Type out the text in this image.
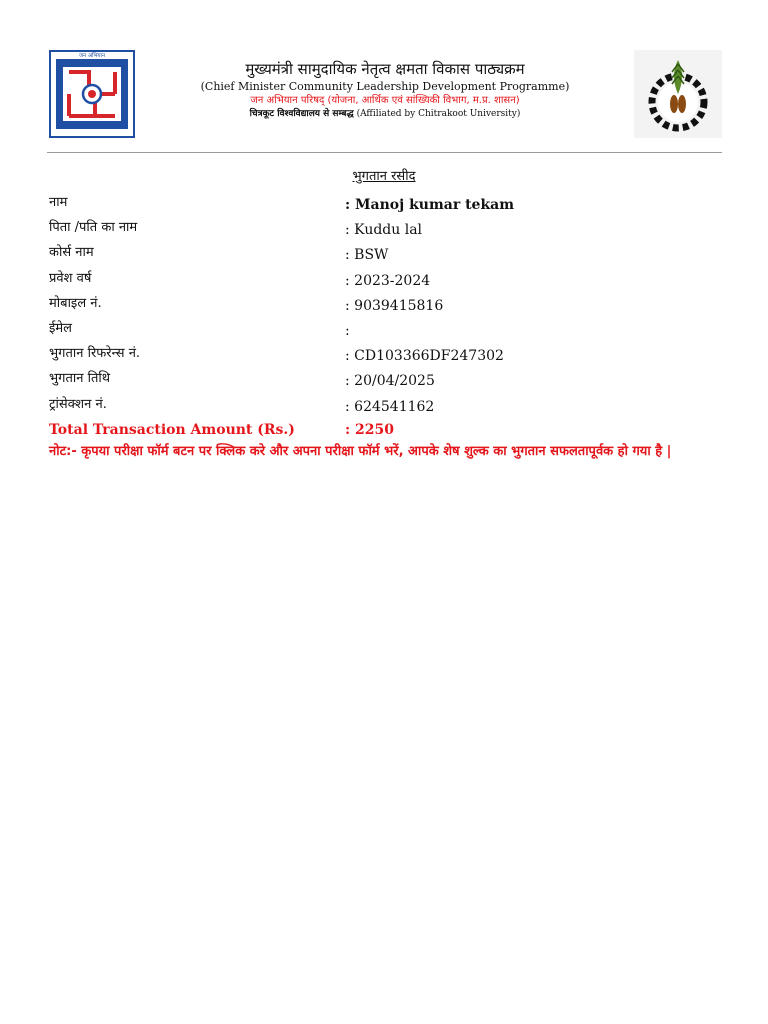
जन अभियान
मुख्यमंत्री सामुदायिक नेतृत्व क्षमता विकास पाठ्यक्रम
(Chief Minister Community Leadership Development Programme)
जन अभियान परिषद् (योजना, आर्थिक एवं सांख्यिकी विभाग, म.प्र. शासन)
चित्रकूट विश्वविद्यालय से सम्बद्ध (Affiliated by Chitrakoot University)
भुगतान रसीद
नाम	: Manoj kumar tekam
पिता /पति का नाम	: Kuddu lal
कोर्स नाम	: BSW
प्रवेश वर्ष	: 2023-2024
मोबाइल नं.	: 9039415816
ईमेल	:
भुगतान रिफरेन्स नं.	: CD103366DF247302
भुगतान तिथि	: 20/04/2025
ट्रांसेक्शन नं.	: 624541162
Total Transaction Amount (Rs.)	: 2250
नोट:- कृपया परीक्षा फॉर्म बटन पर क्लिक करे और अपना परीक्षा फॉर्म भरें, आपके शेष शुल्क का भुगतान सफलतापूर्वक हो गया है |
